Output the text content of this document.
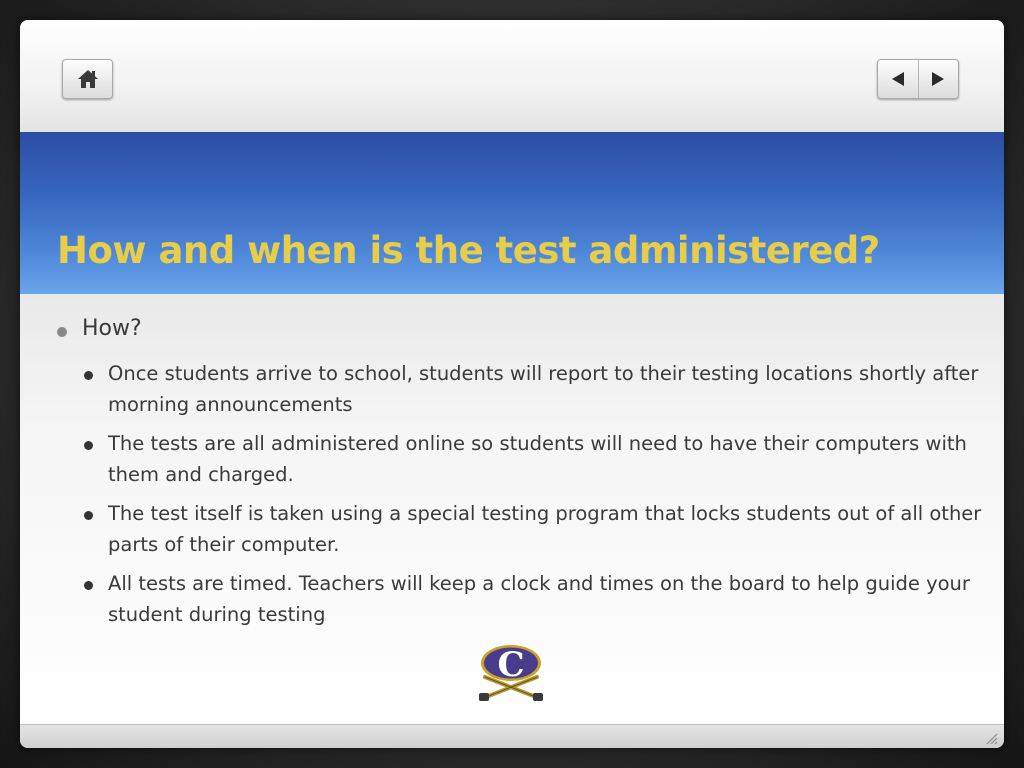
How and when is the test administered?
How?
Once students arrive to school, students will report to their testing locations shortly after morning announcements
The tests are all administered online so students will need to have their computers with them and charged.
The test itself is taken using a special testing program that locks students out of all other parts of their computer.
All tests are timed. Teachers will keep a clock and times on the board to help guide your student during testing
C
